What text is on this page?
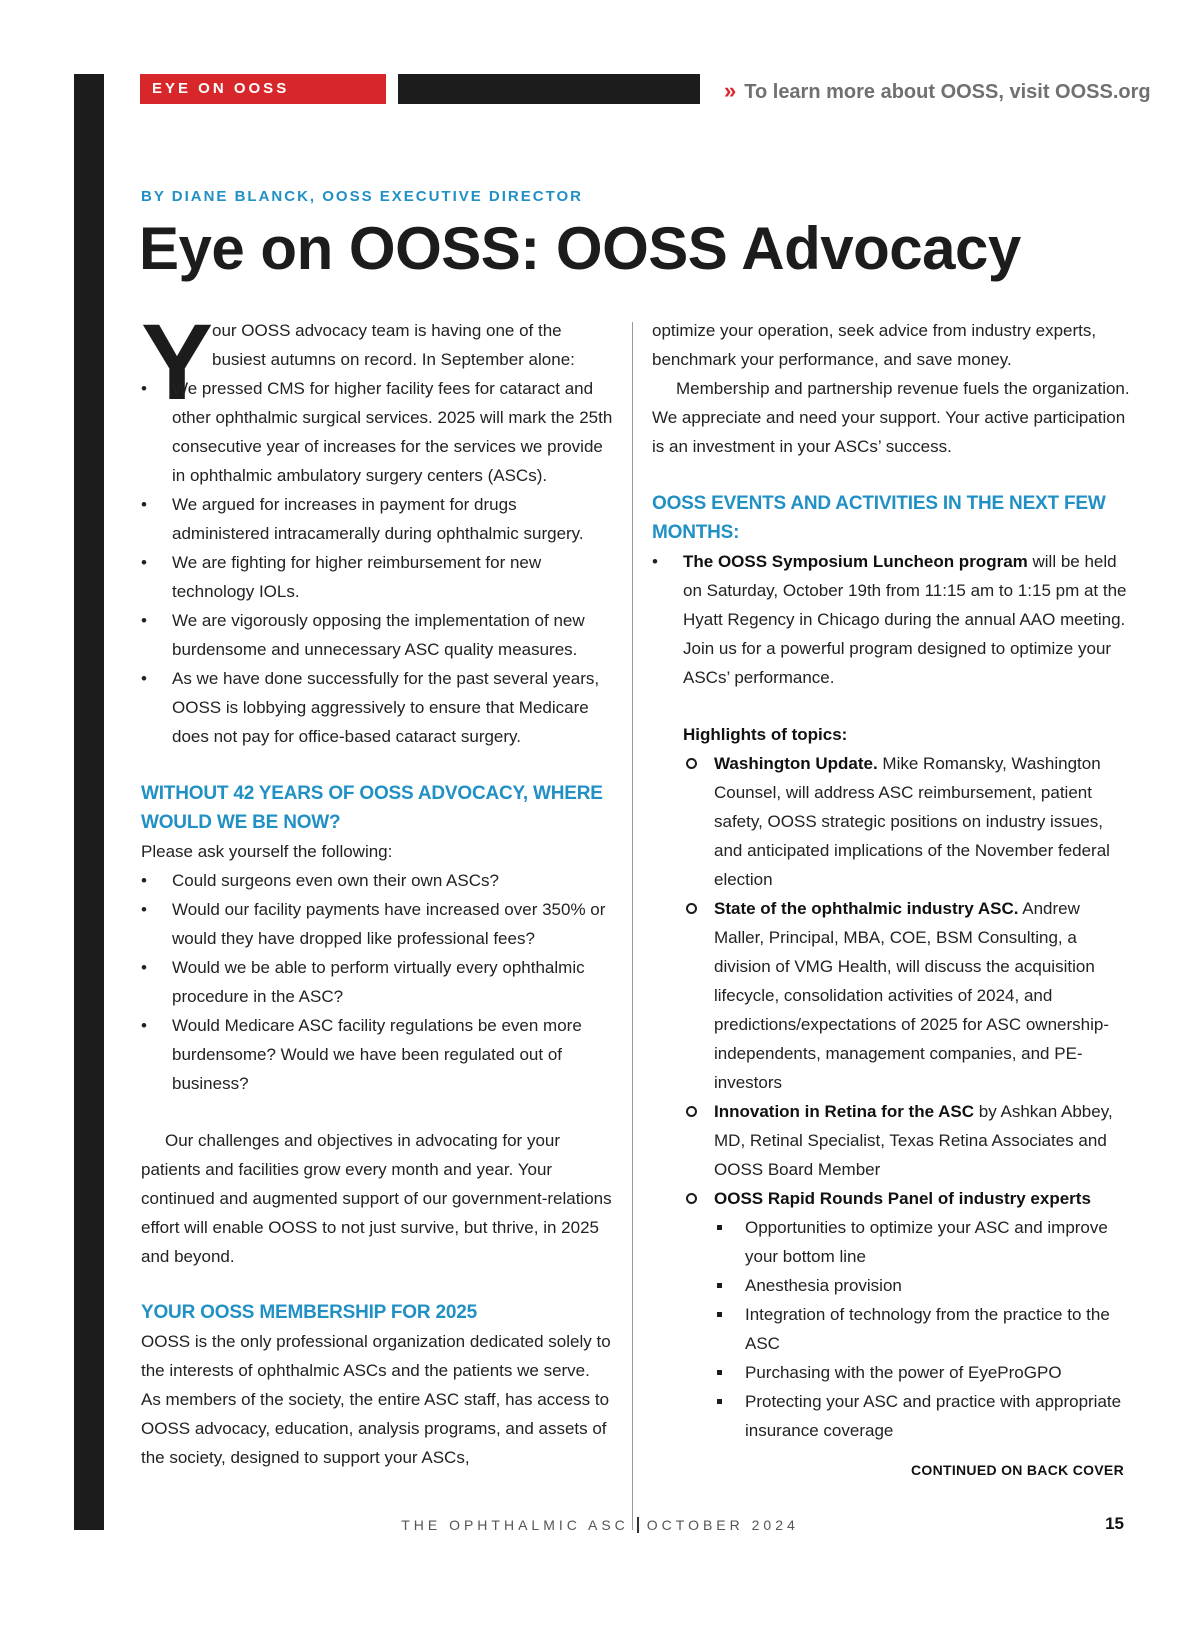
EYE ON OOSS	» To learn more about OOSS, visit OOSS.org
BY DIANE BLANCK, OOSS EXECUTIVE DIRECTOR
Eye on OOSS: OOSS Advocacy
Y

our OOSS advocacy team is having one of the busiest autumns on record. In September alone:

• We pressed CMS for higher facility fees for cataract and other ophthalmic surgical services. 2025 will mark the 25th consecutive year of increases for the services we provide in ophthalmic ambulatory surgery centers (ASCs).
• We argued for increases in payment for drugs administered intracamerally during ophthalmic surgery.
• We are fighting for higher reimbursement for new technology IOLs.
• We are vigorously opposing the implementation of new burdensome and unnecessary ASC quality measures.
• As we have done successfully for the past several years, OOSS is lobbying aggressively to ensure that Medicare does not pay for office-based cataract surgery.
WITHOUT 42 YEARS OF OOSS ADVOCACY, WHERE WOULD WE BE NOW?

Please ask yourself the following:

• Could surgeons even own their own ASCs?
• Would our facility payments have increased over 350% or would they have dropped like professional fees?
• Would we be able to perform virtually every ophthalmic procedure in the ASC?
• Would Medicare ASC facility regulations be even more burdensome? Would we have been regulated out of business?

Our challenges and objectives in advocating for your patients and facilities grow every month and year. Your continued and augmented support of our government-relations effort will enable OOSS to not just survive, but thrive, in 2025 and beyond.

YOUR OOSS MEMBERSHIP FOR 2025

OOSS is the only professional organization dedicated solely to the interests of ophthalmic ASCs and the patients we serve. As members of the society, the entire ASC staff, has access to OOSS advocacy, education, analysis programs, and assets of the society, designed to support your ASCs,

optimize your operation, seek advice from industry experts, benchmark your performance, and save money.

Membership and partnership revenue fuels the organization. We appreciate and need your support. Your active participation is an investment in your ASCs’ success.

OOSS EVENTS AND ACTIVITIES IN THE NEXT FEW MONTHS:
• The OOSS Symposium Luncheon program will be held on Saturday, October 19th from 11:15 am to 1:15 pm at the Hyatt Regency in Chicago during the annual AAO meeting. Join us for a powerful program designed to optimize your ASCs’ performance.

Highlights of topics:

Washington Update. Mike Romansky, Washington Counsel, will address ASC reimbursement, patient safety, OOSS strategic positions on industry issues, and anticipated implications of the November federal election
State of the ophthalmic industry ASC. Andrew Maller, Principal, MBA, COE, BSM Consulting, a division of VMG Health, will discuss the acquisition lifecycle, consolidation activities of 2024, and predictions/expectations of 2025 for ASC ownership-independents, management companies, and PE-investors
Innovation in Retina for the ASC by Ashkan Abbey, MD, Retinal Specialist, Texas Retina Associates and OOSS Board Member
OOSS Rapid Rounds Panel of industry experts
Opportunities to optimize your ASC and improve your bottom line
Anesthesia provision
Integration of technology from the practice to the ASC
Purchasing with the power of EyeProGPO
Protecting your ASC and practice with appropriate insurance coverage
CONTINUED ON BACK COVER
THE OPHTHALMIC ASC OCTOBER 2024	15
